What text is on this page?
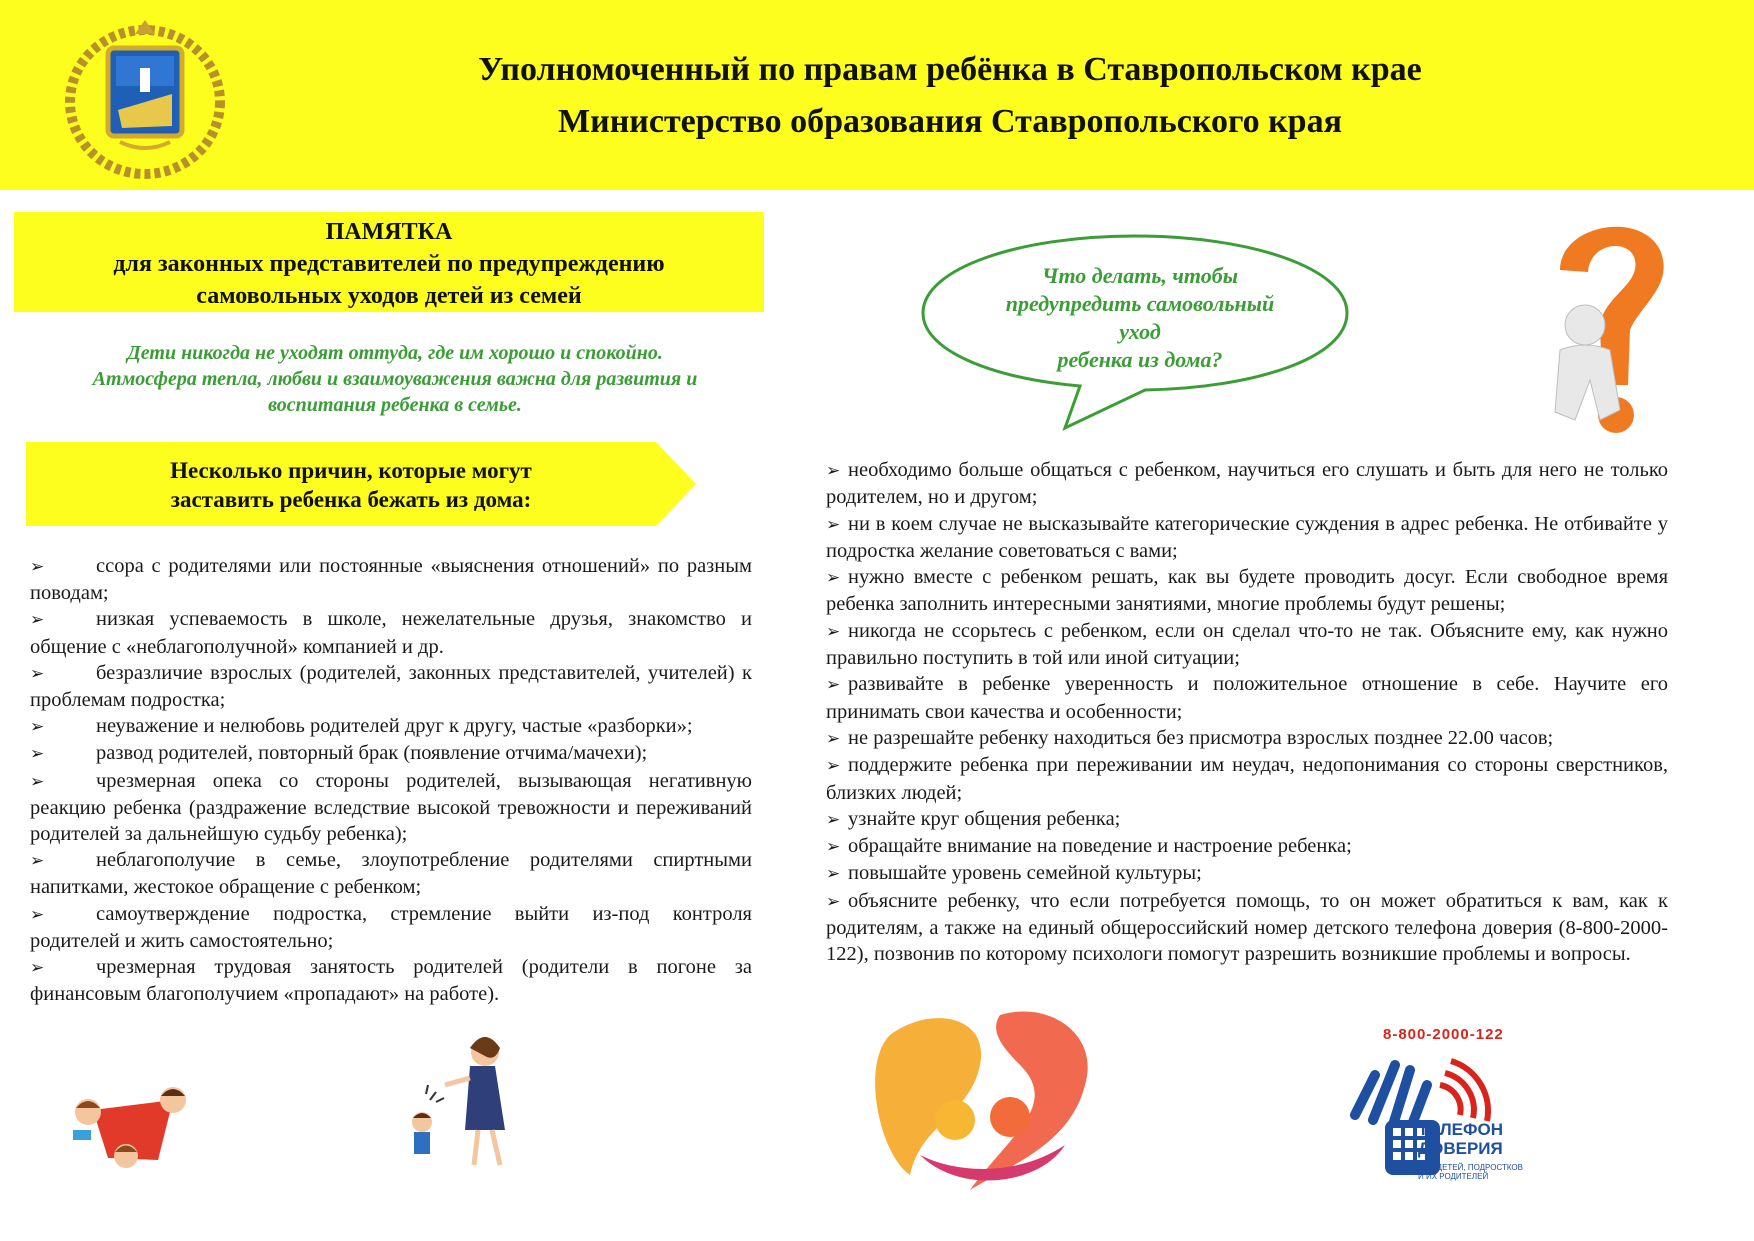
Уполномоченный по правам ребёнка в Ставропольском крае
Министерство образования Ставропольского края
ПАМЯТКА
для законных представителей по предупреждению
самовольных уходов детей из семей
Дети никогда не уходят оттуда, где им хорошо и спокойно.
Атмосфера тепла, любви и взаимоуважения важна для развития и
воспитания ребенка в семье.
Несколько причин, которые могут
заставить ребенка бежать из дома:
➢	ссора с родителями или постоянные «выяснения отношений» по разным поводам;
➢	низкая успеваемость в школе, нежелательные друзья, знакомство и общение с «неблагополучной» компанией и др.
➢	безразличие взрослых (родителей, законных представителей, учителей) к проблемам подростка;
➢	неуважение и нелюбовь родителей друг к другу, частые «разборки»;
➢	развод родителей, повторный брак (появление отчима/мачехи);
➢	чрезмерная опека со стороны родителей, вызывающая негативную реакцию ребенка (раздражение вследствие высокой тревожности и переживаний родителей за дальнейшую судьбу ребенка);
➢	неблагополучие в семье, злоупотребление родителями спиртными напитками, жестокое обращение с ребенком;
➢	самоутверждение подростка, стремление выйти из-под контроля родителей и жить самостоятельно;
➢	чрезмерная трудовая занятость родителей (родители в погоне за финансовым благополучием «пропадают» на работе).
Что делать, чтобы
предупредить самовольный уход
ребенка из дома?
➢ необходимо больше общаться с ребенком, научиться его слушать и быть для него не только родителем, но и другом;
➢ ни в коем случае не высказывайте категорические суждения в адрес ребенка. Не отбивайте у подростка желание советоваться с вами;
➢ нужно вместе с ребенком решать, как вы будете проводить досуг. Если свободное время ребенка заполнить интересными занятиями, многие проблемы будут решены;
➢ никогда не ссорьтесь с ребенком, если он сделал что-то не так. Объясните ему, как нужно правильно поступить в той или иной ситуации;
➢ развивайте в ребенке уверенность и положительное отношение в себе. Научите его принимать свои качества и особенности;
➢ не разрешайте ребенку находиться без присмотра взрослых позднее 22.00 часов;
➢ поддержите ребенка при переживании им неудач, недопонимания со стороны сверстников, близких людей;
➢ узнайте круг общения ребенка;
➢ обращайте внимание на поведение и настроение ребенка;
➢ повышайте уровень семейной культуры;
➢ объясните ребенку, что если потребуется помощь, то он может обратиться к вам, как к родителям, а также на единый общероссийский номер детского телефона доверия (8-800-2000-122), позвонив по которому психологи помогут разрешить возникшие проблемы и вопросы.
8-800-2000-122
ТЕЛЕФОН
ДОВЕРИЯ
ДЛЯ ДЕТЕЙ, ПОДРОСТКОВ И ИХ РОДИТЕЛЕЙ
